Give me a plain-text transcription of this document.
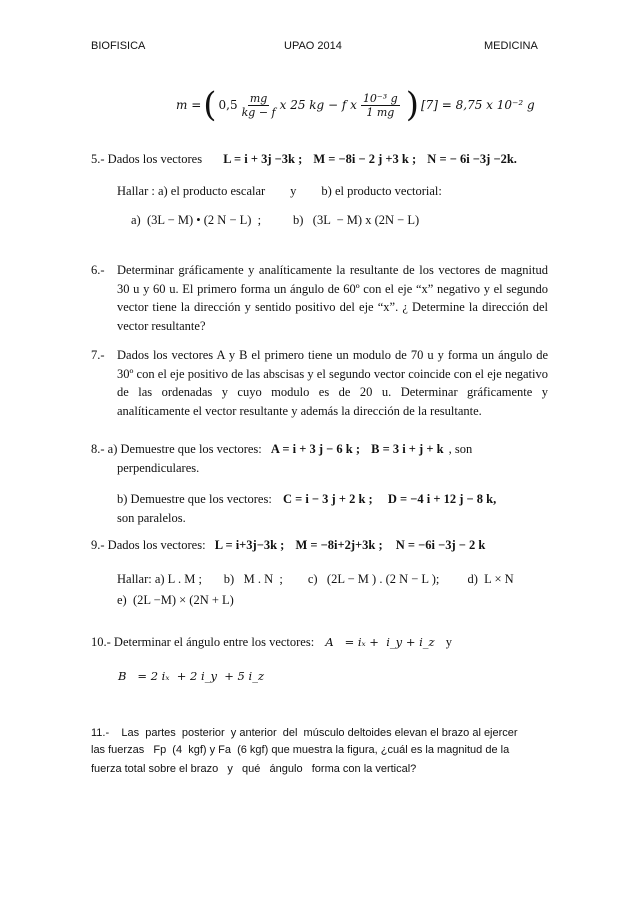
BIOFISICA	UPAO 2014	MEDICINA
m = ( $0,5 \frac{mg}{kg - f}$ x 25 kg − f x $\frac{\text{10⁻³ g}}{1 mg}$ ) [7] = 8,75 x 10⁻² g
5.- Dados los vectores L = i + 3j −3k ; M = −8i − 2 j +3 k ; N = − 6i −3j −2k.
Hallar : a) el producto escalar        y        b) el producto vectorial:
a)  (3L − M) • (2 N − L)  ;	b)   (3L  − M) x (2N − L)
6.- Determinar gráficamente y analíticamente la resultante de los vectores de magnitud 30 u y 60 u. El primero forma un ángulo de 60º con el eje “x” negativo y el segundo vector tiene la dirección y sentido positivo del eje “x”. ¿ Determine la dirección del vector resultante?
7.- Dados los vectores A y B el primero tiene un modulo de 70 u y forma un ángulo de 30º con el eje positivo de las abscisas y el segundo vector coincide con el eje negativo de las ordenadas y cuyo modulo es de 20 u. Determinar gráficamente y analíticamente el vector resultante y además la dirección de la resultante.
8.- a) Demuestre que los vectores: A = i + 3 j − 6 k ; B = 3 i + j + k , son
perpendiculares.
b) Demuestre que los vectores: C = i − 3 j + 2 k ; D = −4 i + 12 j − 8 k,
son paralelos.
9.- Dados los vectores: L = i+3j−3k ; M = −8i+2j+3k ; N = −6i −3j − 2 k
Hallar: a) L . M ;       b)   M . N  ;        c)   (2L − M ) . (2 N − L );         d)  L × N
e)  (2L −M) × (2N + L)
10.- Determinar el ángulo entre los vectores: A   = iₓ +  i_y + i_z y
B   = 2 iₓ  + 2 i_y  + 5 i_z
11.-    Las  partes  posterior  y anterior  del  músculo deltoides elevan el brazo al ejercer
las fuerzas   Fp  (4  kgf) y Fa  (6 kgf) que muestra la figura, ¿cuál es la magnitud de la
fuerza total sobre el brazo   y   qué   ángulo   forma con la vertical?
